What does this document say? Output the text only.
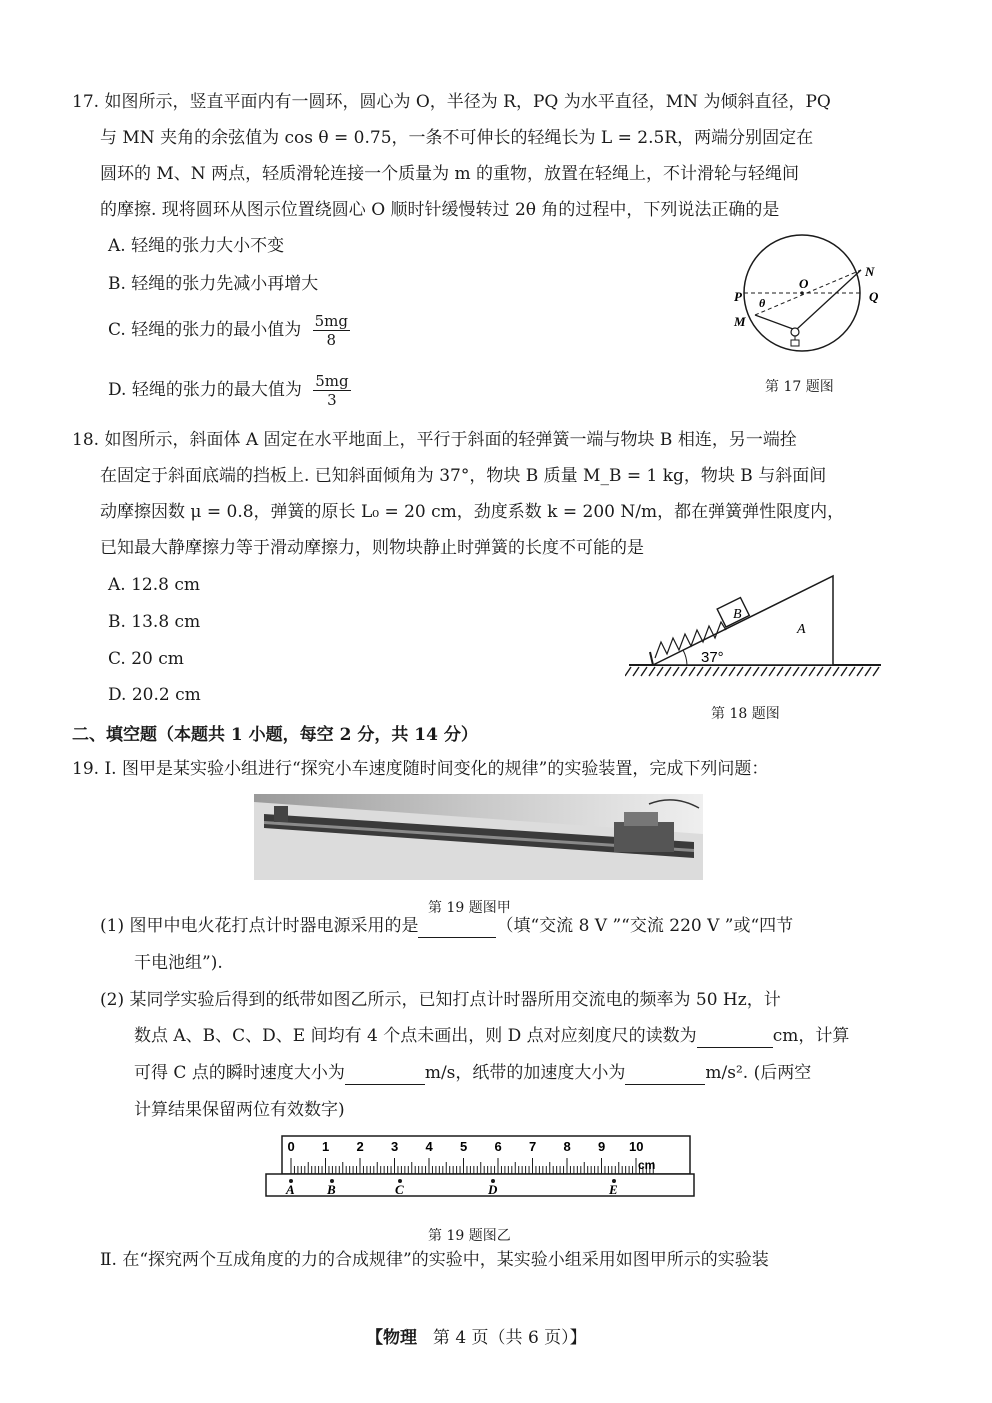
17. 如图所示，竖直平面内有一圆环，圆心为 O，半径为 R，PQ 为水平直径，MN 为倾斜直径，PQ
与 MN 夹角的余弦值为 cos θ = 0.75，一条不可伸长的轻绳长为 L = 2.5R，两端分别固定在
圆环的 M、N 两点，轻质滑轮连接一个质量为 m 的重物，放置在轻绳上，不计滑轮与轻绳间
的摩擦. 现将圆环从图示位置绕圆心 O 顺时针缓慢转过 2θ 角的过程中，下列说法正确的是
A. 轻绳的张力大小不变
B. 轻绳的张力先减小再增大
C. 轻绳的张力的最小值为 $\frac{5mg}{8}$
D. 轻绳的张力的最大值为 $\frac{5mg}{3}$
P	Q
M
N
O
θ
第 17 题图
18. 如图所示，斜面体 A 固定在水平地面上，平行于斜面的轻弹簧一端与物块 B 相连，另一端拴
在固定于斜面底端的挡板上. 已知斜面倾角为 37°，物块 B 质量 M_B = 1 kg，物块 B 与斜面间
动摩擦因数 μ = 0.8，弹簧的原长 L₀ = 20 cm，劲度系数 k = 200 N/m，都在弹簧弹性限度内，
已知最大静摩擦力等于滑动摩擦力，则物块静止时弹簧的长度不可能的是
A. 12.8 cm
B. 13.8 cm
C. 20 cm
D. 20.2 cm
37°
B
A
第 18 题图
二、填空题（本题共 1 小题，每空 2 分，共 14 分）
19. Ⅰ. 图甲是某实验小组进行“探究小车速度随时间变化的规律”的实验装置，完成下列问题：
第 19 题图甲
(1) 图甲中电火花打点计时器电源采用的是	（填“交流 8 V ”“交流 220 V ”或“四节
干电池组”).
(2) 某同学实验后得到的纸带如图乙所示，已知打点计时器所用交流电的频率为 50 Hz，计
数点 A、B、C、D、E 间均有 4 个点未画出，则 D 点对应刻度尺的读数为	cm，计算
可得 C 点的瞬时速度大小为	m/s，纸带的加速度大小为	m/s². (后两空
计算结果保留两位有效数字)
0 1 2 3 4 5 6 7 8 9 10
cm
A B	C	D	E
第 19 题图乙
Ⅱ. 在“探究两个互成角度的力的合成规律”的实验中，某实验小组采用如图甲所示的实验装
【物理 第 4 页（共 6 页）】
